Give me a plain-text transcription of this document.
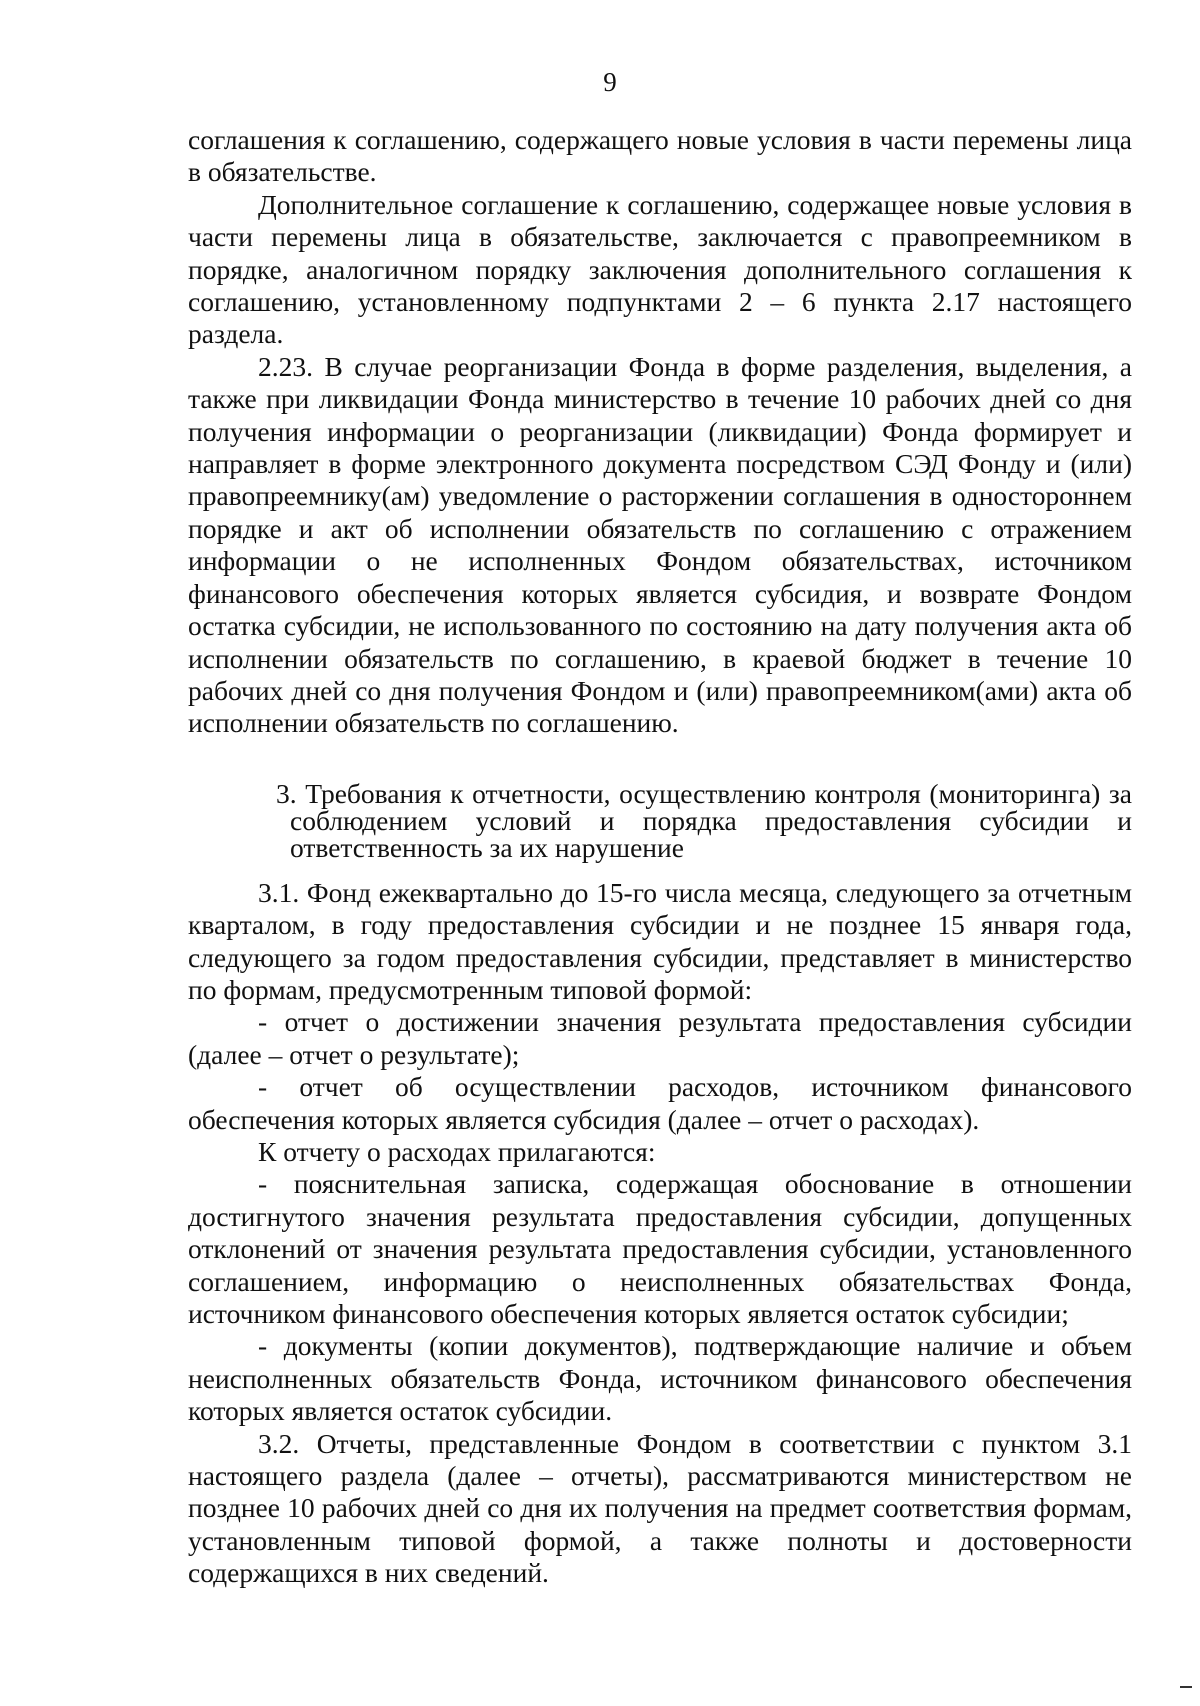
9

соглашения к соглашению, содержащего новые условия в части перемены лица в обязательстве.

Дополнительное соглашение к соглашению, содержащее новые условия в части перемены лица в обязательстве, заключается с правопреемником в порядке, аналогичном порядку заключения дополнительного соглашения к соглашению, установленному подпунктами 2 – 6 пункта 2.17 настоящего раздела.

2.23. В случае реорганизации Фонда в форме разделения, выделения, а также при ликвидации Фонда министерство в течение 10 рабочих дней со дня получения информации о реорганизации (ликвидации) Фонда формирует и направляет в форме электронного документа посредством СЭД Фонду и (или) правопреемнику(ам) уведомление о расторжении соглашения в одностороннем порядке и акт об исполнении обязательств по соглашению с отражением информации о не исполненных Фондом обязательствах, источником финансового обеспечения которых является субсидия, и возврате Фондом остатка субсидии, не использованного по состоянию на дату получения акта об исполнении обязательств по соглашению, в краевой бюджет в течение 10 рабочих дней со дня получения Фондом и (или) правопреемником(ами) акта об исполнении обязательств по соглашению.

3. Требования к отчетности, осуществлению контроля (мониторинга) за соблюдением условий и порядка предоставления субсидии и ответственность за их нарушение

3.1. Фонд ежеквартально до 15-го числа месяца, следующего за отчетным кварталом, в году предоставления субсидии и не позднее 15 января года, следующего за годом предоставления субсидии, представляет в министерство по формам, предусмотренным типовой формой:

- отчет о достижении значения результата предоставления субсидии (далее – отчет о результате);

- отчет об осуществлении расходов, источником финансового обеспечения которых является субсидия (далее – отчет о расходах).

К отчету о расходах прилагаются:

- пояснительная записка, содержащая обоснование в отношении достигнутого значения результата предоставления субсидии, допущенных отклонений от значения результата предоставления субсидии, установленного соглашением, информацию о неисполненных обязательствах Фонда, источником финансового обеспечения которых является остаток субсидии;

- документы (копии документов), подтверждающие наличие и объем неисполненных обязательств Фонда, источником финансового обеспечения которых является остаток субсидии.

3.2. Отчеты, представленные Фондом в соответствии с пунктом 3.1 настоящего раздела (далее – отчеты), рассматриваются министерством не позднее 10 рабочих дней со дня их получения на предмет соответствия формам, установленным типовой формой, а также полноты и достоверности содержащихся в них сведений.
